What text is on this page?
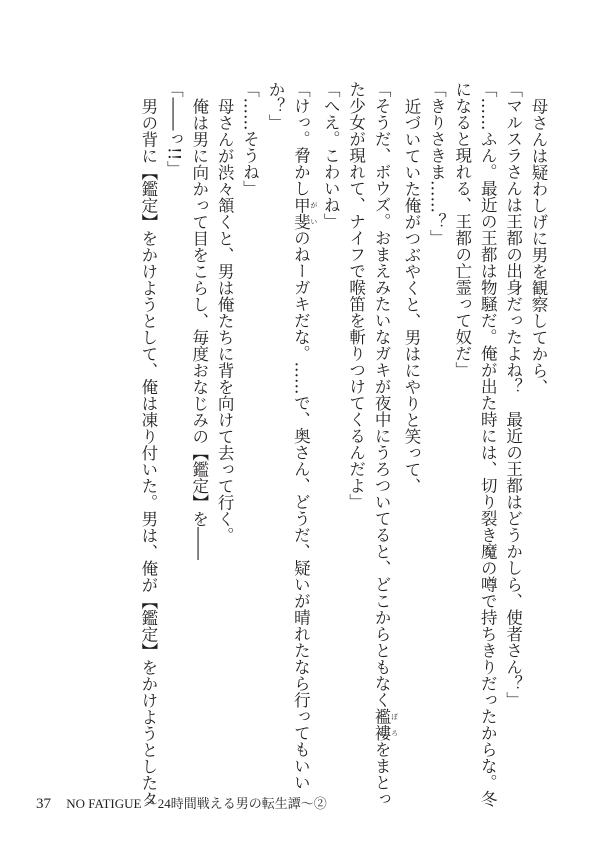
母さんは疑わしげに男を観察してから、
「マルスラさんは王都の出身だったよね？　最近の王都はどうかしら、使者さん？」
「……ふん。最近の王都は物騒だ。俺が出た時には、切り裂き魔の噂で持ちきりだったからな。冬
になると現れる、王都の亡霊って奴だ」
「きりさきま……？」
近づいていた俺がつぶやくと、男はにやりと笑って、
「そうだ、ボウズ。おまえみたいなガキが夜中にうろついてると、どこからともなく襤褸 ぼろをまとっ
た少女が現れて、ナイフで喉笛を斬りつけてくるんだよ」
「へえ。こわいね」
「けっ。脅かし甲斐 がいのねーガキだな。……で、奥さん、どうだ、疑いが晴れたなら行ってもいい
か？」
「……そうね」
母さんが渋々頷くと、男は俺たちに背を向けて去って行く。
俺は男に向かって目をこらし、毎度おなじみの【鑑定】を――
「――っ!!」
男の背に【鑑定】をかけようとして、俺は凍り付いた。男は、俺が【鑑定】をかけようとしたタ
37 NO FATIGUE ～24時間戦える男の転生譚～②
